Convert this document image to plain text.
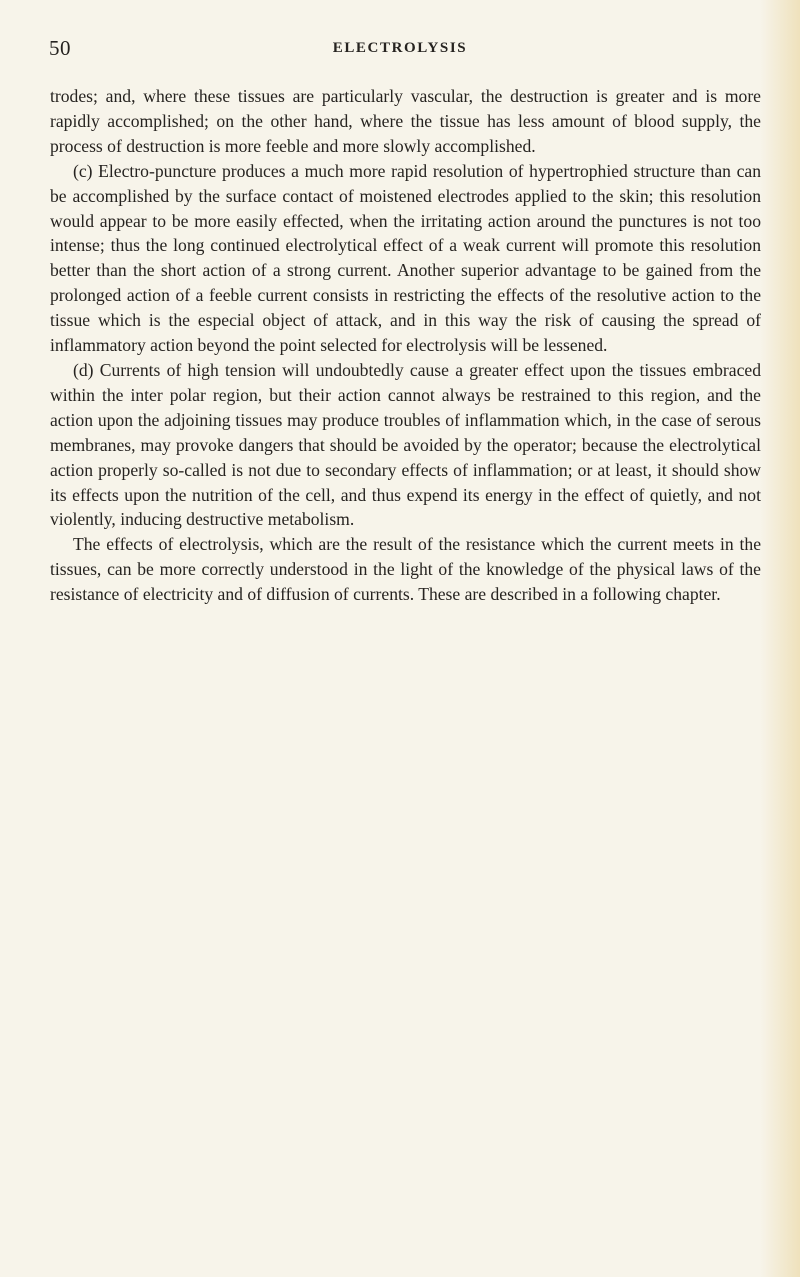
50	ELECTROLYSIS

trodes; and, where these tissues are particularly vascular, the destruction is greater and is more rapidly accomplished; on the other hand, where the tissue has less amount of blood supply, the process of destruction is more feeble and more slowly accomplished.

(c) Electro-puncture produces a much more rapid resolution of hypertrophied structure than can be accomplished by the surface contact of moistened electrodes applied to the skin; this resolution would appear to be more easily effected, when the irritating action around the punctures is not too intense; thus the long continued electrolytical effect of a weak current will promote this resolution better than the short action of a strong current. Another superior advantage to be gained from the prolonged action of a feeble current consists in restricting the effects of the resolutive action to the tissue which is the especial object of attack, and in this way the risk of causing the spread of inflammatory action beyond the point selected for electrolysis will be lessened.

(d) Currents of high tension will undoubtedly cause a greater effect upon the tissues embraced within the inter polar region, but their action cannot always be restrained to this region, and the action upon the adjoining tissues may produce troubles of inflammation which, in the case of serous membranes, may provoke dangers that should be avoided by the operator; because the electrolytical action properly so-called is not due to secondary effects of inflammation; or at least, it should show its effects upon the nutrition of the cell, and thus expend its energy in the effect of quietly, and not violently, inducing destructive metabolism.

The effects of electrolysis, which are the result of the resistance which the current meets in the tissues, can be more correctly understood in the light of the knowledge of the physical laws of the resistance of electricity and of diffusion of currents. These are described in a following chapter.
